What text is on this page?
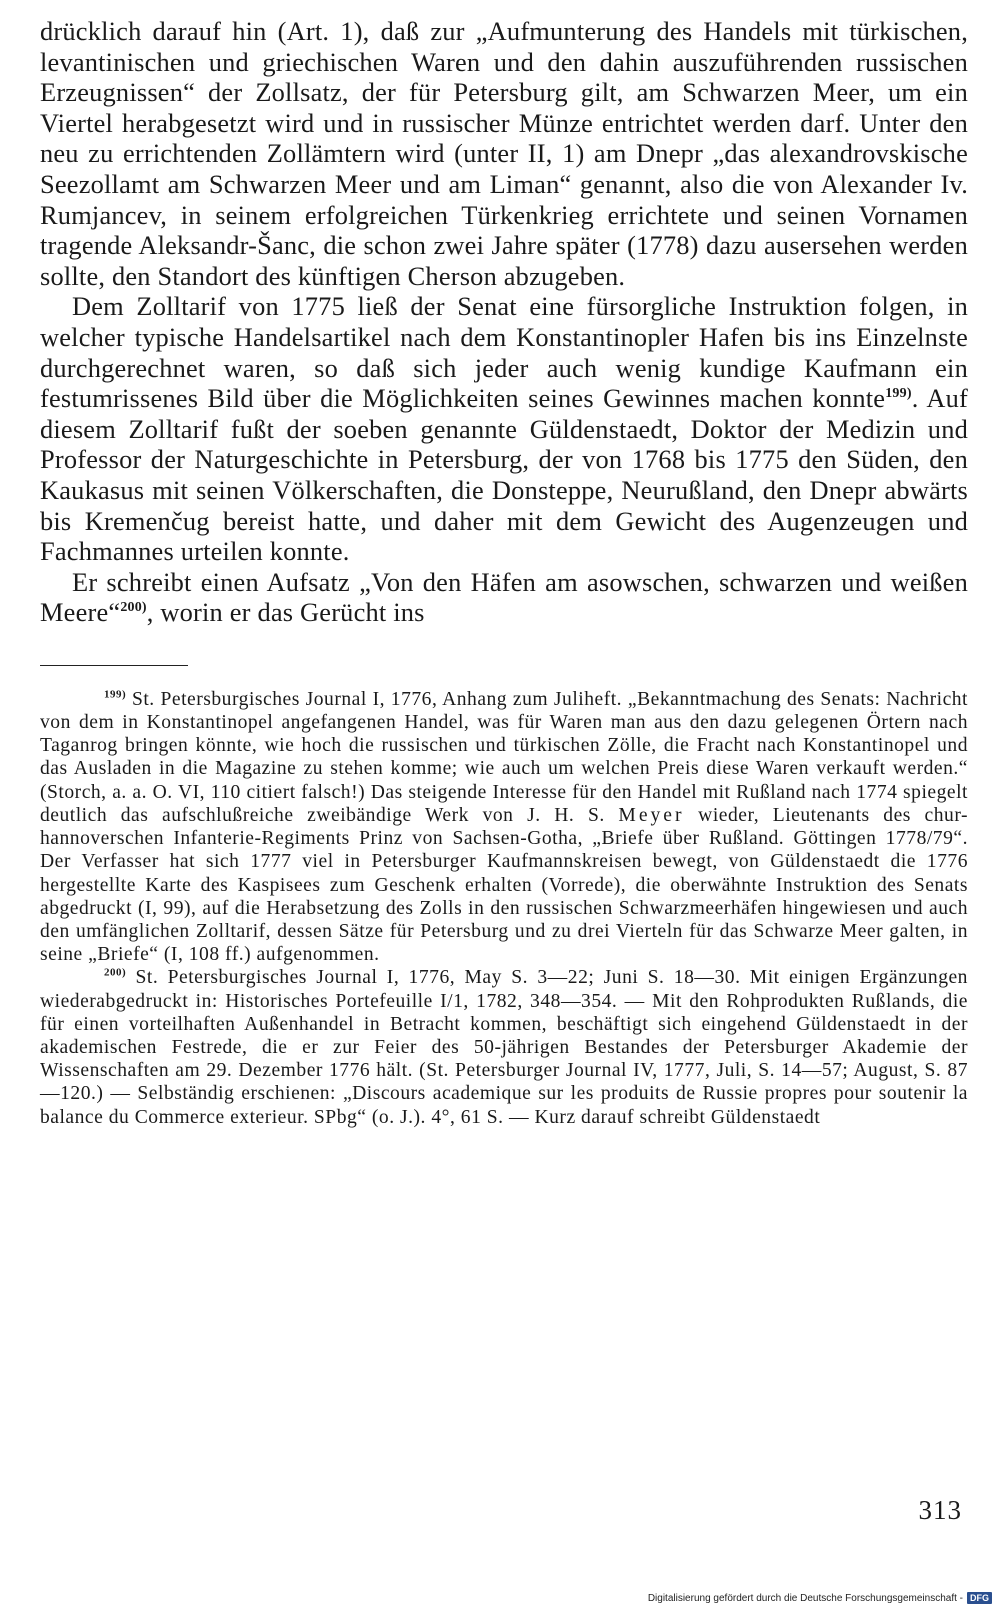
drücklich darauf hin (Art. 1), daß zur „Aufmunterung des Handels mit türkischen, levantinischen und griechischen Waren und den dahin auszuführenden russischen Erzeugnissen“ der Zollsatz, der für Petersburg gilt, am Schwarzen Meer, um ein Viertel herabgesetzt wird und in russischer Münze entrichtet werden darf. Unter den neu zu errichtenden Zollämtern wird (unter II, 1) am Dnepr „das alexandrovskische Seezollamt am Schwarzen Meer und am Liman“ genannt, also die von Alexander Iv. Rumjancev, in seinem erfolgreichen Türkenkrieg errichtete und seinen Vornamen tragende Aleksandr-Šanc, die schon zwei Jahre später (1778) dazu ausersehen werden sollte, den Standort des künftigen Cherson abzugeben.

Dem Zolltarif von 1775 ließ der Senat eine fürsorgliche Instruktion folgen, in welcher typische Handelsartikel nach dem Konstantinopler Hafen bis ins Einzelnste durchgerechnet waren, so daß sich jeder auch wenig kundige Kaufmann ein festumrissenes Bild über die Möglichkeiten seines Gewinnes machen konnte$^{199)}$. Auf diesem Zolltarif fußt der soeben genannte Güldenstaedt, Doktor der Medizin und Professor der Naturgeschichte in Petersburg, der von 1768 bis 1775 den Süden, den Kaukasus mit seinen Völkerschaften, die Donsteppe, Neurußland, den Dnepr abwärts bis Kremenčug bereist hatte, und daher mit dem Gewicht des Augenzeugen und Fachmannes urteilen konnte.

Er schreibt einen Aufsatz „Von den Häfen am asowschen, schwarzen und weißen Meere“$^{200)}$, worin er das Gerücht ins

$^{199)}$ St. Petersburgisches Journal I, 1776, Anhang zum Juliheft. „Bekanntmachung des Senats: Nachricht von dem in Konstantinopel angefangenen Handel, was für Waren man aus den dazu gelegenen Örtern nach Taganrog bringen könnte, wie hoch die russischen und türkischen Zölle, die Fracht nach Konstantinopel und das Ausladen in die Magazine zu stehen komme; wie auch um welchen Preis diese Waren verkauft werden.“ (Storch, a. a. O. VI, 110 citiert falsch!) Das steigende Interesse für den Handel mit Rußland nach 1774 spiegelt deutlich das aufschlußreiche zweibändige Werk von J. H. S. Meyer wieder, Lieutenants des chur-hannoverschen Infanterie-Regiments Prinz von Sachsen-Gotha, „Briefe über Rußland. Göttingen 1778/79“. Der Verfasser hat sich 1777 viel in Petersburger Kaufmannskreisen bewegt, von Güldenstaedt die 1776 hergestellte Karte des Kaspisees zum Geschenk erhalten (Vorrede), die oberwähnte Instruktion des Senats abgedruckt (I, 99), auf die Herabsetzung des Zolls in den russischen Schwarzmeerhäfen hingewiesen und auch den umfänglichen Zolltarif, dessen Sätze für Petersburg und zu drei Vierteln für das Schwarze Meer galten, in seine „Briefe“ (I, 108 ff.) aufgenommen.

$^{200)}$ St. Petersburgisches Journal I, 1776, May S. 3—22; Juni S. 18—30. Mit einigen Ergänzungen wiederabgedruckt in: Historisches Portefeuille I/1, 1782, 348—354. — Mit den Rohprodukten Rußlands, die für einen vorteilhaften Außenhandel in Betracht kommen, beschäftigt sich eingehend Güldenstaedt in der akademischen Festrede, die er zur Feier des 50-jährigen Bestandes der Petersburger Akademie der Wissenschaften am 29. Dezember 1776 hält. (St. Petersburger Journal IV, 1777, Juli, S. 14—57; August, S. 87—120.) — Selbständig erschienen: „Discours academique sur les produits de Russie propres pour soutenir la balance du Commerce exterieur. SPbg“ (o. J.). 4°, 61 S. — Kurz darauf schreibt Güldenstaedt

313
Digitalisierung gefördert durch die Deutsche Forschungsgemeinschaft - DFG
